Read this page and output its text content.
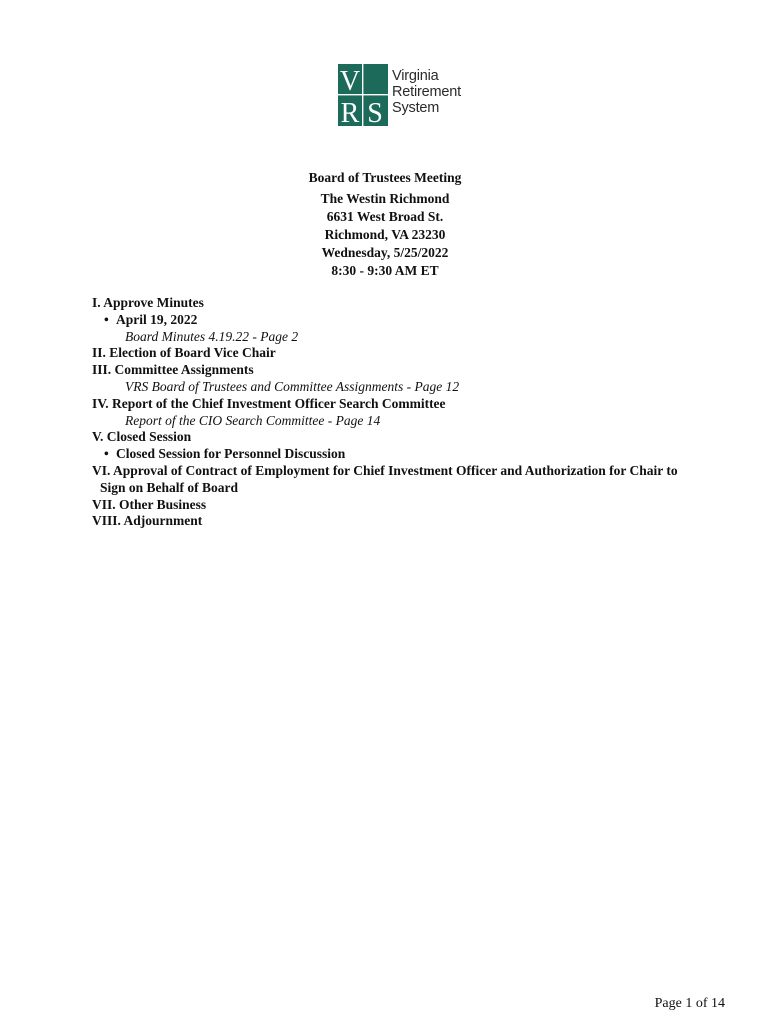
V
R S
Virginia
Retirement
System
Board of Trustees Meeting
The Westin Richmond
6631 West Broad St.
Richmond, VA 23230
Wednesday, 5/25/2022
8:30 - 9:30 AM ET
I. Approve Minutes
• April 19, 2022
Board Minutes 4.19.22 - Page 2
II. Election of Board Vice Chair
III. Committee Assignments
VRS Board of Trustees and Committee Assignments - Page 12
IV. Report of the Chief Investment Officer Search Committee
Report of the CIO Search Committee - Page 14
V. Closed Session
• Closed Session for Personnel Discussion
VI. Approval of Contract of Employment for Chief Investment Officer and Authorization for Chair to
Sign on Behalf of Board
VII. Other Business
VIII. Adjournment
Page 1 of 14
